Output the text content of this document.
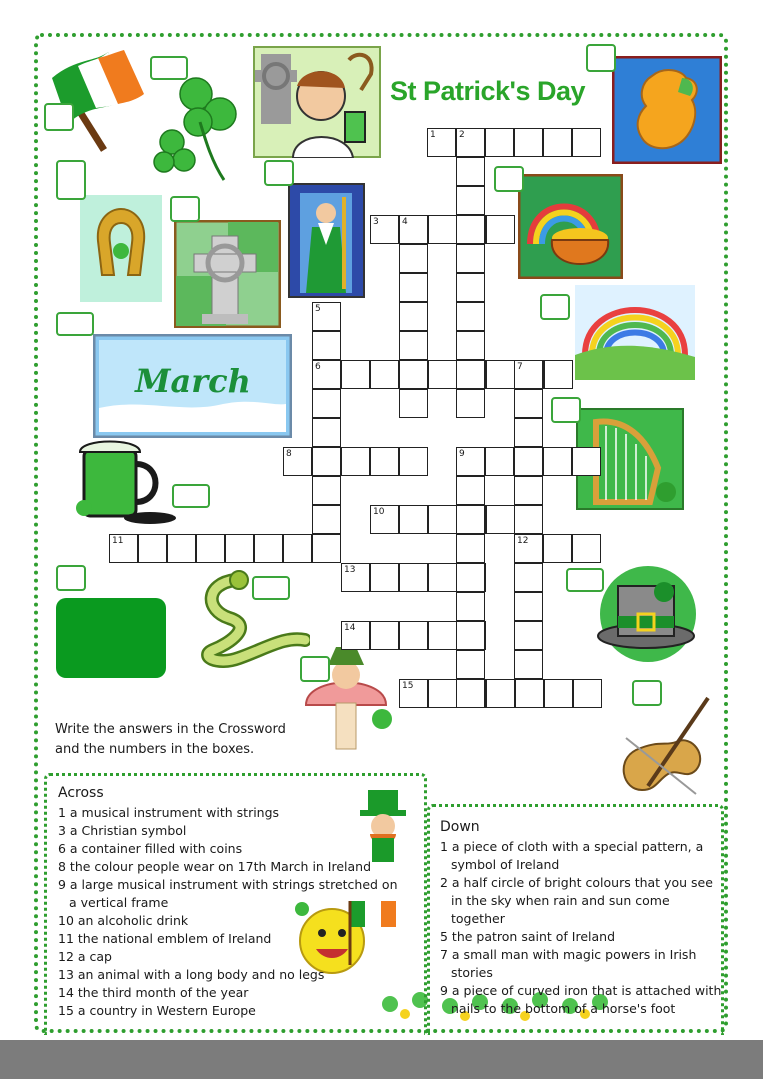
St Patrick's Day
March
1	2
3	4
6
8	9
10
11	12
13
14
15
5
7
Write the answers in the Crossword
and the numbers in the boxes.
Across
1 a musical instrument with strings
3 a Christian symbol
6 a container filled with coins
8 the colour people wear on 17th March in Ireland
9 a large musical instrument with strings stretched on a vertical frame
10 an alcoholic drink
11 the national emblem of Ireland
12 a cap
13 an animal with a long body and no legs
14 the third month of the year
15 a country in Western Europe
Down
1 a piece of cloth with a special pattern, a symbol of Ireland
2 a half circle of bright colours that you see in the sky when rain and sun come together
5 the patron saint of Ireland
7 a small man with magic powers in Irish stories
9 a piece of curved iron that is attached with nails to the bottom of a horse's foot
